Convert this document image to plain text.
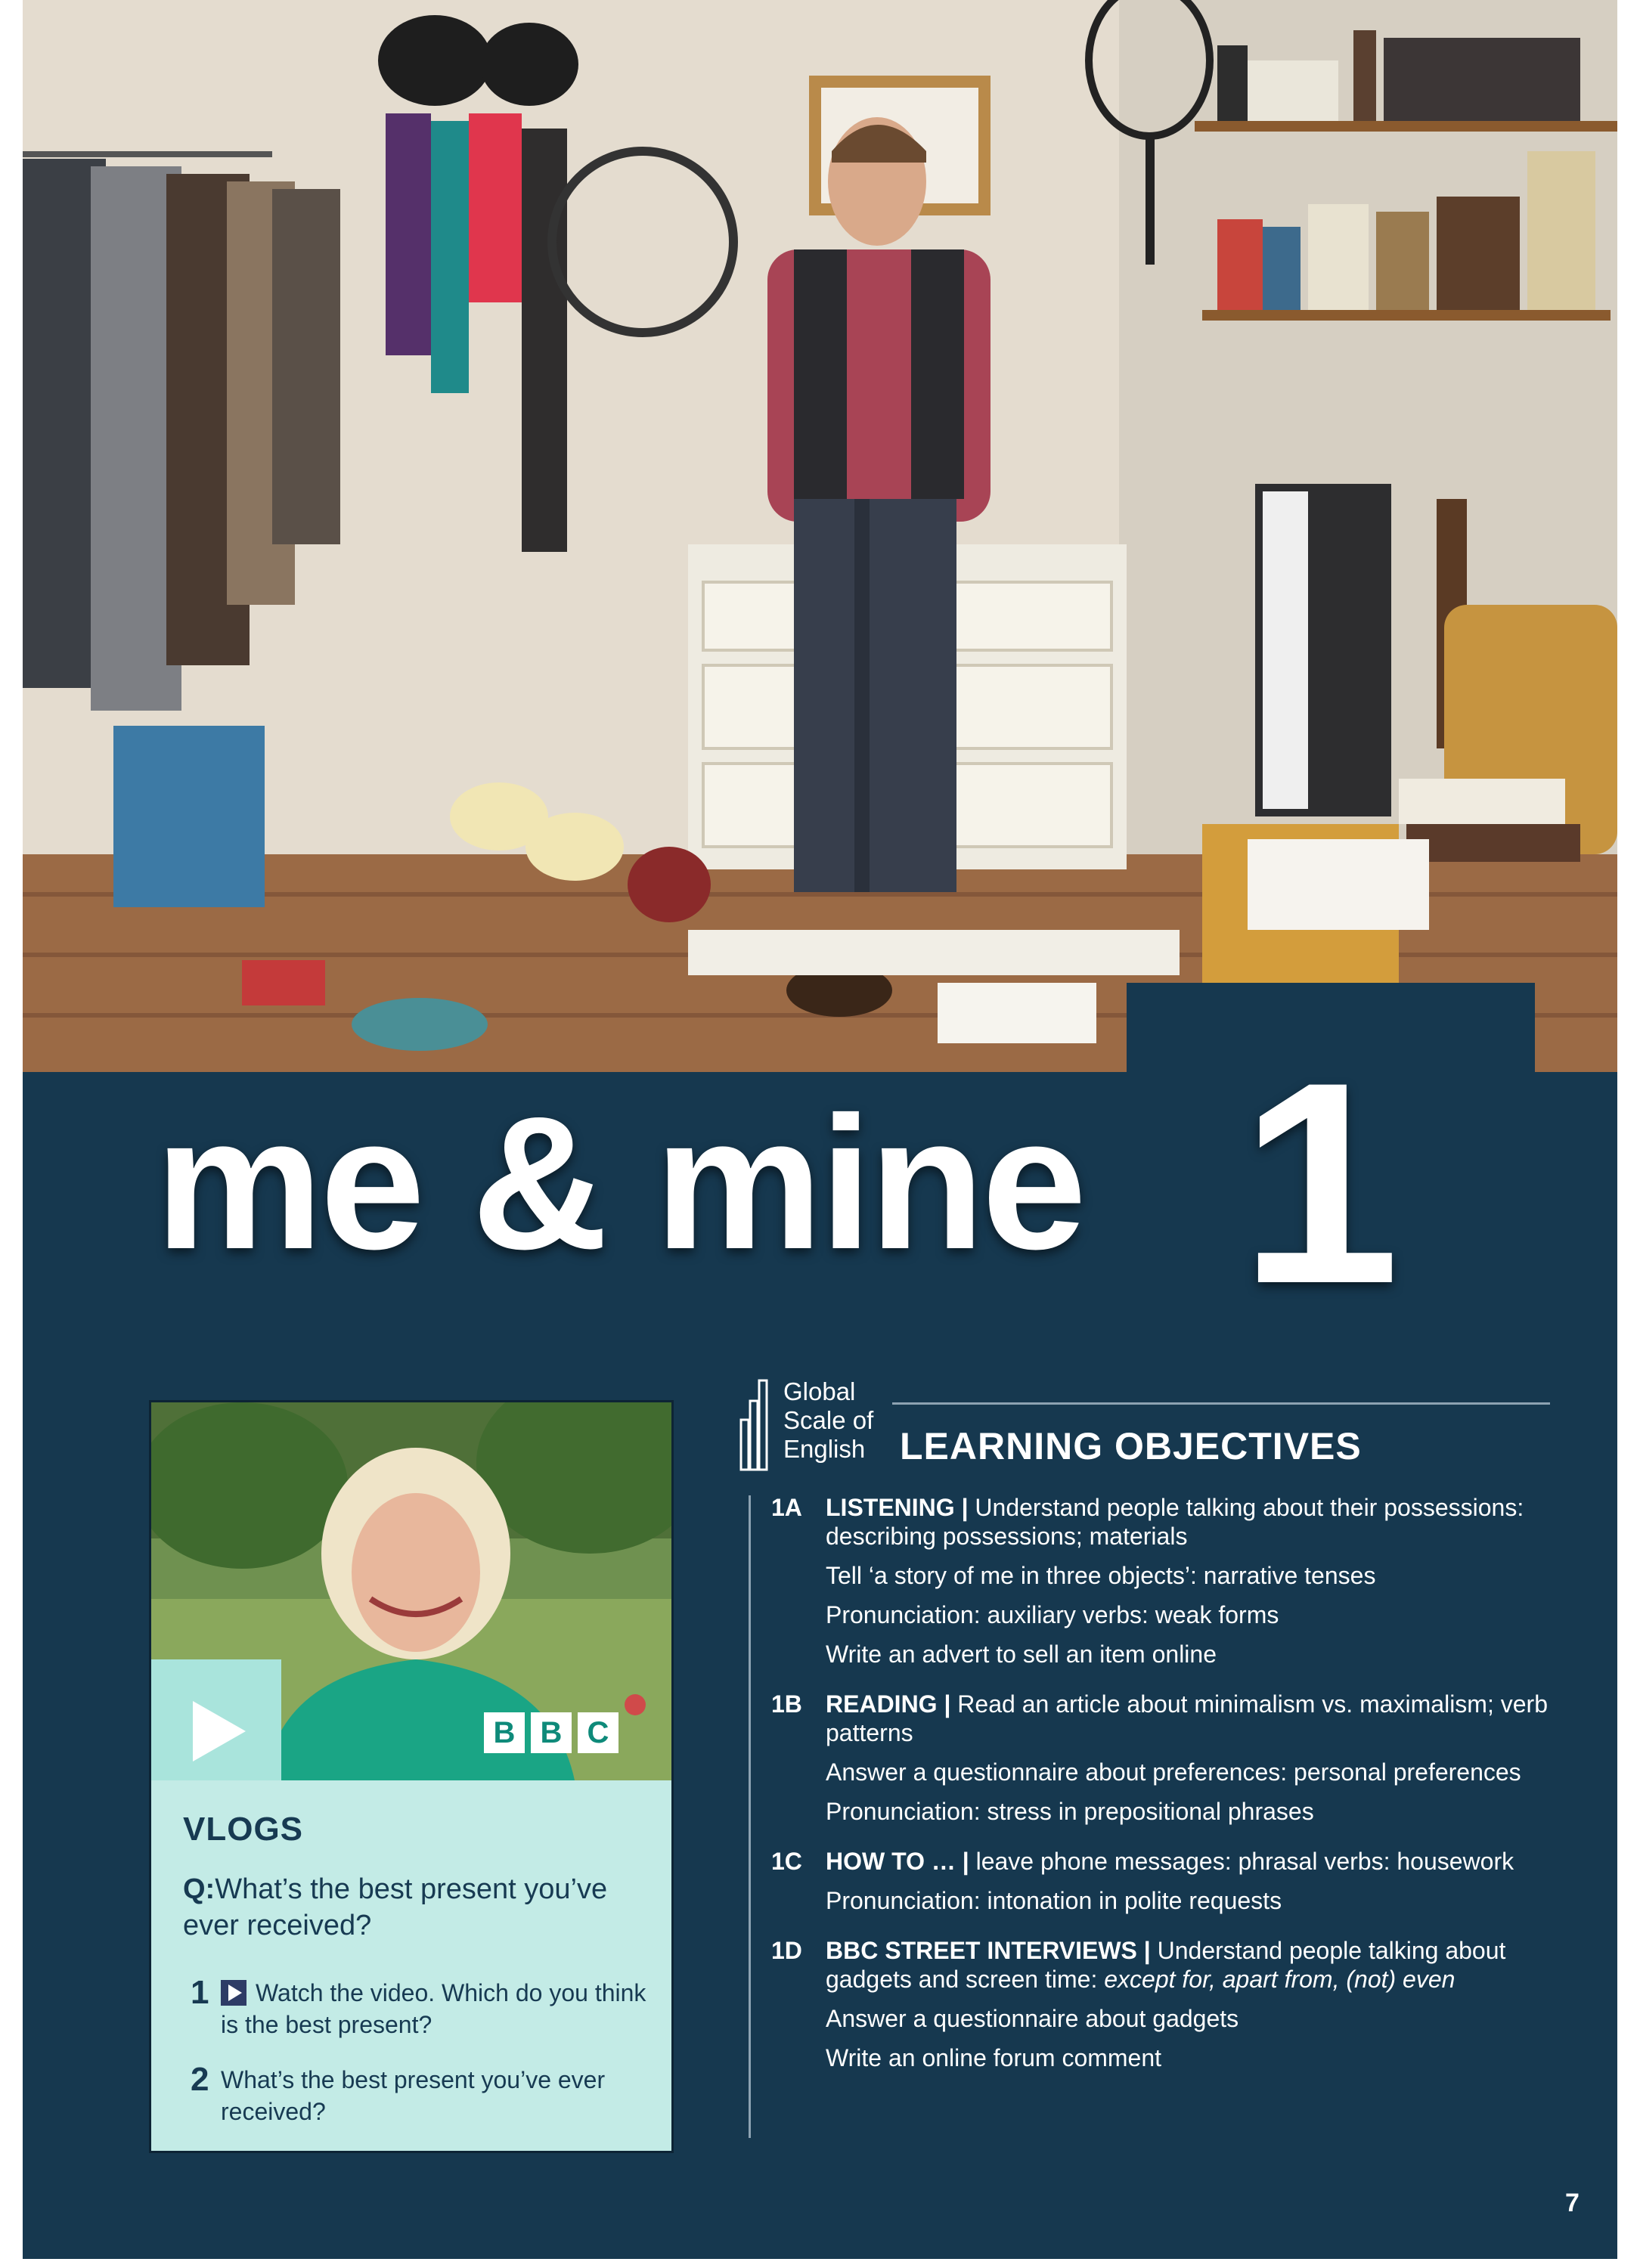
me & mine 1
B B C
VLOGS

Q:What’s the best present you’ve ever received?

1	Watch the video. Which do you think is the best present?
2 What’s the best present you’ve ever received?
Global
Scale of
English LEARNING OBJECTIVES
1A LISTENING | Understand people talking about their possessions: describing possessions; materials
Tell ‘a story of me in three objects’: narrative tenses
Pronunciation: auxiliary verbs: weak forms
Write an advert to sell an item online
1B READING | Read an article about minimalism vs. maximalism; verb patterns
Answer a questionnaire about preferences: personal preferences
Pronunciation: stress in prepositional phrases
1C HOW TO … | leave phone messages: phrasal verbs: housework
Pronunciation: intonation in polite requests
1D BBC STREET INTERVIEWS | Understand people talking about gadgets and screen time: except for, apart from, (not) even
Answer a questionnaire about gadgets
Write an online forum comment

7
